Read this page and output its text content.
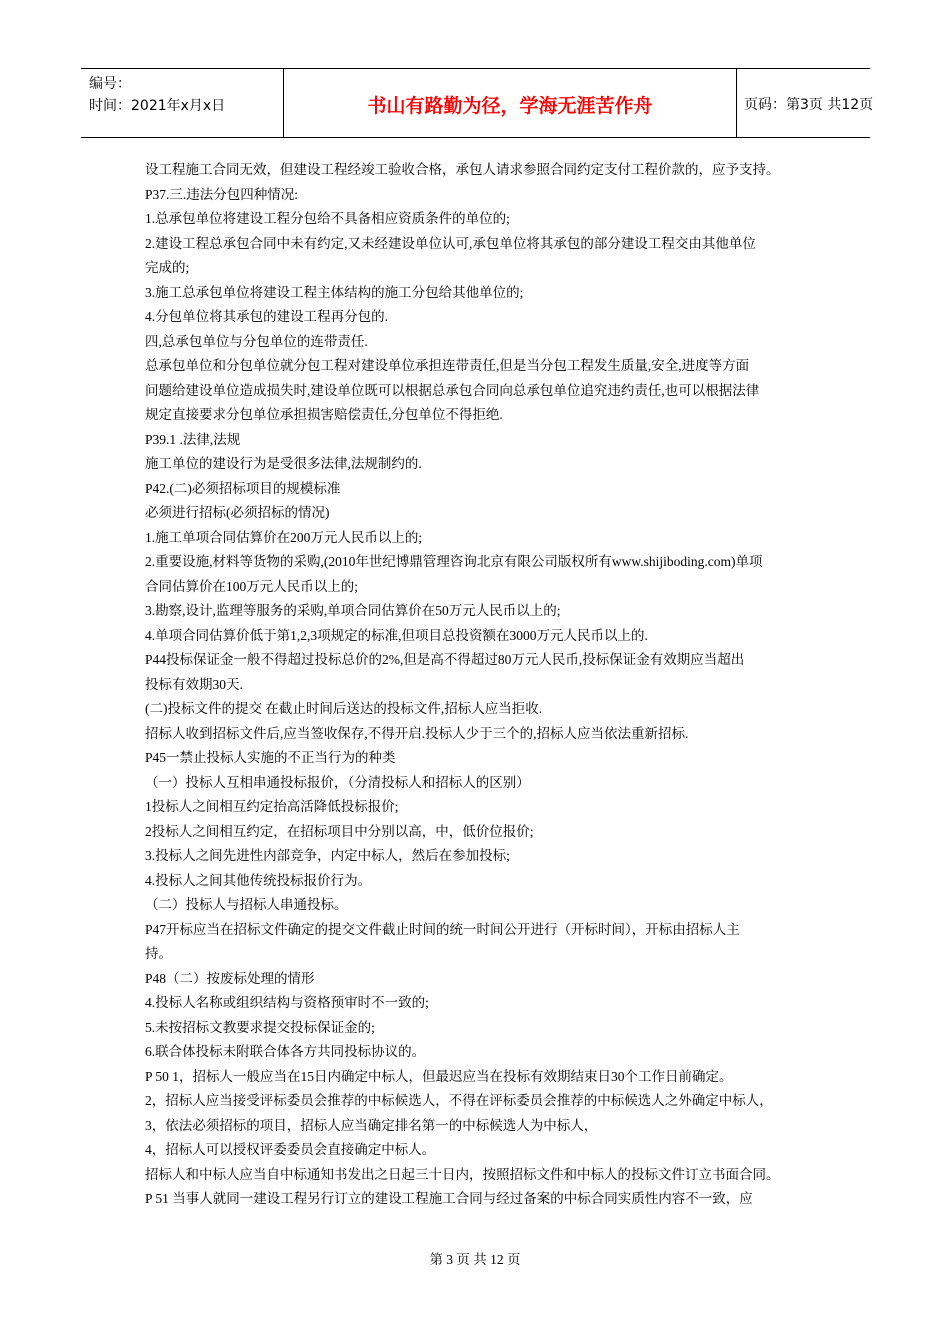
编号：
时间：2021年x月x日	书山有路勤为径，学海无涯苦作舟	页码：第3页 共12页
设工程施工合同无效，但建设工程经竣工验收合格，承包人请求参照合同约定支付工程价款的，应予支持。
P37.三.违法分包四种情况:
1.总承包单位将建设工程分包给不具备相应资质条件的单位的;
2.建设工程总承包合同中未有约定,又未经建设单位认可,承包单位将其承包的部分建设工程交由其他单位
完成的;
3.施工总承包单位将建设工程主体结构的施工分包给其他单位的;
4.分包单位将其承包的建设工程再分包的.
四,总承包单位与分包单位的连带责任.
总承包单位和分包单位就分包工程对建设单位承担连带责任,但是当分包工程发生质量,安全,进度等方面
问题给建设单位造成损失时,建设单位既可以根据总承包合同向总承包单位追究违约责任,也可以根据法律
规定直接要求分包单位承担损害赔偿责任,分包单位不得拒绝.
P39.1 .法律,法规
施工单位的建设行为是受很多法律,法规制约的.
P42.(二)必须招标项目的规模标准
必须进行招标(必须招标的情况)
1.施工单项合同估算价在200万元人民币以上的;
2.重要设施,材料等货物的采购,(2010年世纪博鼎管理咨询北京有限公司版权所有www.shijiboding.com)单项
合同估算价在100万元人民币以上的;
3.勘察,设计,监理等服务的采购,单项合同估算价在50万元人民币以上的;
4.单项合同估算价低于第1,2,3项规定的标准,但项目总投资额在3000万元人民币以上的.
P44投标保证金一般不得超过投标总价的2%,但是高不得超过80万元人民币,投标保证金有效期应当超出
投标有效期30天.
(二)投标文件的提交 在截止时间后送达的投标文件,招标人应当拒收.
招标人收到招标文件后,应当签收保存,不得开启.投标人少于三个的,招标人应当依法重新招标.
P45一禁止投标人实施的不正当行为的种类
（一）投标人互相串通投标报价，（分清投标人和招标人的区别）
1投标人之间相互约定抬高活降低投标报价;
2投标人之间相互约定，在招标项目中分别以高，中，低价位报价;
3.投标人之间先进性内部竞争，内定中标人，然后在参加投标;
4.投标人之间其他传统投标报价行为。
（二）投标人与招标人串通投标。
P47开标应当在招标文件确定的提交文件截止时间的统一时间公开进行（开标时间），开标由招标人主
持。
P48（二）按废标处理的情形
4.投标人名称或组织结构与资格预审时不一致的;
5.未按招标文教要求提交投标保证金的;
6.联合体投标未附联合体各方共同投标协议的。
P 50 1，招标人一般应当在15日内确定中标人，但最迟应当在投标有效期结束日30个工作日前确定。
2，招标人应当接受评标委员会推荐的中标候选人，不得在评标委员会推荐的中标候选人之外确定中标人，
3，依法必须招标的项目，招标人应当确定排名第一的中标候选人为中标人，
4，招标人可以授权评委委员会直接确定中标人。
招标人和中标人应当自中标通知书发出之日起三十日内，按照招标文件和中标人的投标文件订立书面合同。
P 51 当事人就同一建设工程另行订立的建设工程施工合同与经过备案的中标合同实质性内容不一致，应
第 3 页 共 12 页
